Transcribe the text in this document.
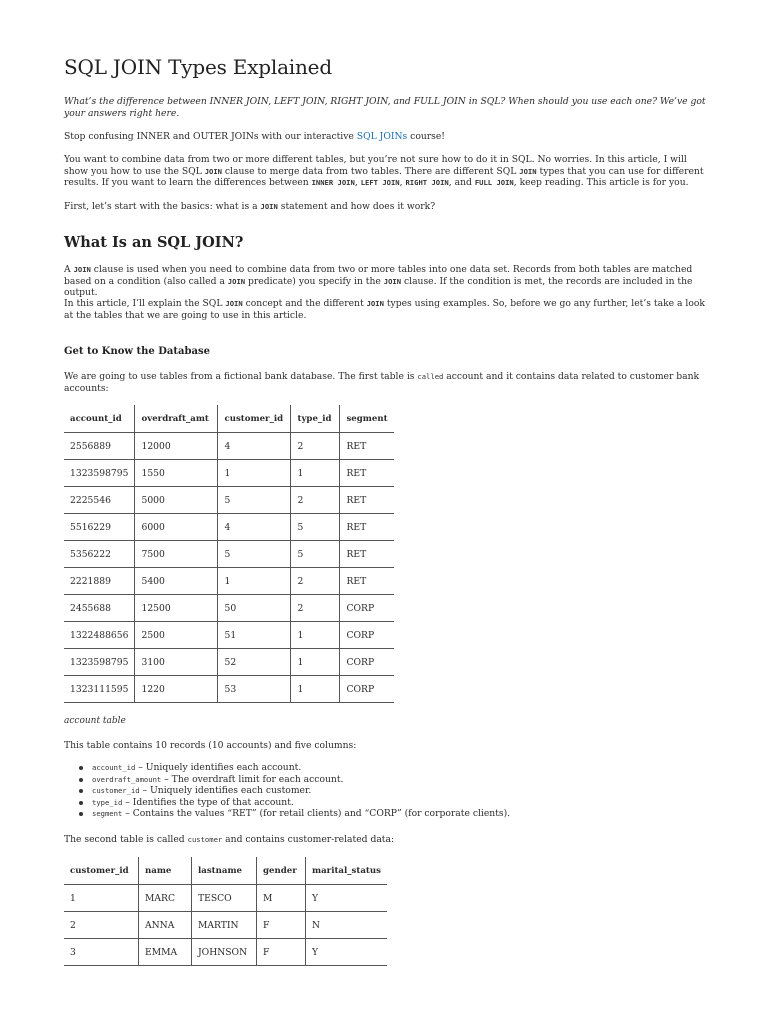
SQL JOIN Types Explained

What’s the difference between INNER JOIN, LEFT JOIN, RIGHT JOIN, and FULL JOIN in SQL? When should you use each one? We’ve got your answers right here.

Stop confusing INNER and OUTER JOINs with our interactive SQL JOINs course!

You want to combine data from two or more different tables, but you’re not sure how to do it in SQL. No worries. In this article, I will show you how to use the SQL JOIN clause to merge data from two tables. There are different SQL JOIN types that you can use for different results. If you want to learn the differences between INNER JOIN, LEFT JOIN, RIGHT JOIN, and FULL JOIN, keep reading. This article is for you.

First, let’s start with the basics: what is a JOIN statement and how does it work?

What Is an SQL JOIN?

A JOIN clause is used when you need to combine data from two or more tables into one data set. Records from both tables are matched based on a condition (also called a JOIN predicate) you specify in the JOIN clause. If the condition is met, the records are included in the output.

In this article, I’ll explain the SQL JOIN concept and the different JOIN types using examples. So, before we go any further, let’s take a look at the tables that we are going to use in this article.

Get to Know the Database

We are going to use tables from a fictional bank database. The first table is called account and it contains data related to customer bank accounts:

account_id	overdraft_amt	customer_id	type_id	segment
2556889	12000	4	2	RET
1323598795	1550	1	1	RET
2225546	5000	5	2	RET
5516229	6000	4	5	RET
5356222	7500	5	5	RET
2221889	5400	1	2	RET
2455688	12500	50	2	CORP
1322488656	2500	51	1	CORP
1323598795	3100	52	1	CORP
1323111595	1220	53	1	CORP
account table

This table contains 10 records (10 accounts) and five columns:

account_id – Uniquely identifies each account.
overdraft_amount – The overdraft limit for each account.
customer_id – Uniquely identifies each customer.
type_id – Identifies the type of that account.
segment – Contains the values “RET” (for retail clients) and “CORP” (for corporate clients).

The second table is called customer and contains customer-related data:

customer_id	name	lastname	gender	marital_status
1	MARC	TESCO	M	Y
2	ANNA	MARTIN	F	N
3	EMMA	JOHNSON	F	Y
